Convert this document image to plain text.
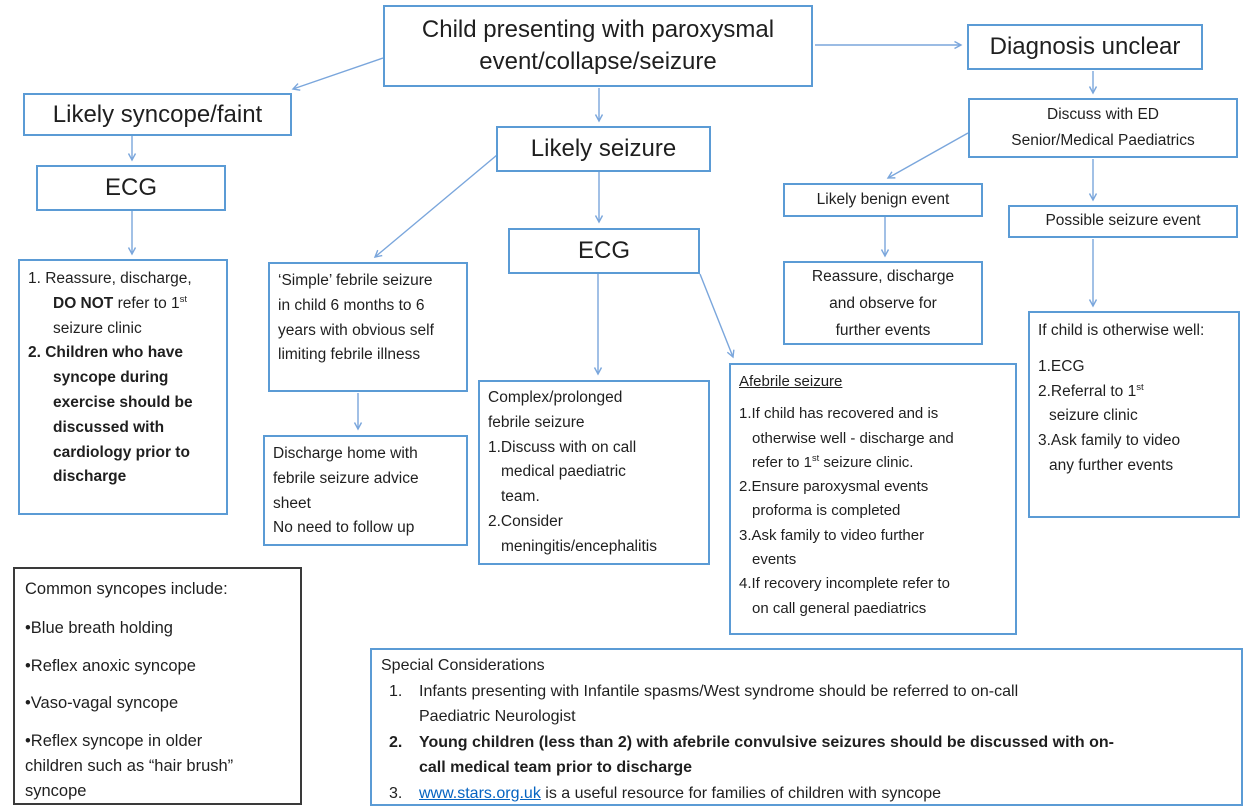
Child presenting with paroxysmal event/collapse/seizure
Diagnosis unclear
Likely syncope/faint
ECG
1. Reassure, discharge, DO NOT refer to 1st seizure clinic
2. Children who have syncope during exercise should be discussed with cardiology prior to discharge
Likely seizure
ECG
‘Simple’ febrile seizure in child 6 months to 6 years with obvious self limiting febrile illness
Discharge home with febrile seizure advice sheet
No need to follow up
Complex/prolonged febrile seizure
1.Discuss with on call medical paediatric team.
2.Consider meningitis/encephalitis
Afebrile seizure
1.If child has recovered and is otherwise well - discharge and refer to 1st seizure clinic.
2.Ensure paroxysmal events proforma is completed
3.Ask family to video further events
4.If recovery incomplete refer to on call general paediatrics
Discuss with ED
Senior/Medical Paediatrics
Likely benign event
Possible seizure event
Reassure, discharge
and observe for
further events	If child is otherwise well:
1.ECG
2.Referral to 1st
seizure clinic
3.Ask family to video
any further events
Common syncopes include:
•Blue breath holding
•Reflex anoxic syncope
•Vaso-vagal syncope
•Reflex syncope in older children such as “hair brush” syncope
Special Considerations
1.	Infants presenting with Infantile spasms/West syndrome should be referred to on-call
Paediatric Neurologist
2.	Young children (less than 2) with afebrile convulsive seizures should be discussed with on-
call medical team prior to discharge
3.	www.stars.org.uk is a useful resource for families of children with syncope
